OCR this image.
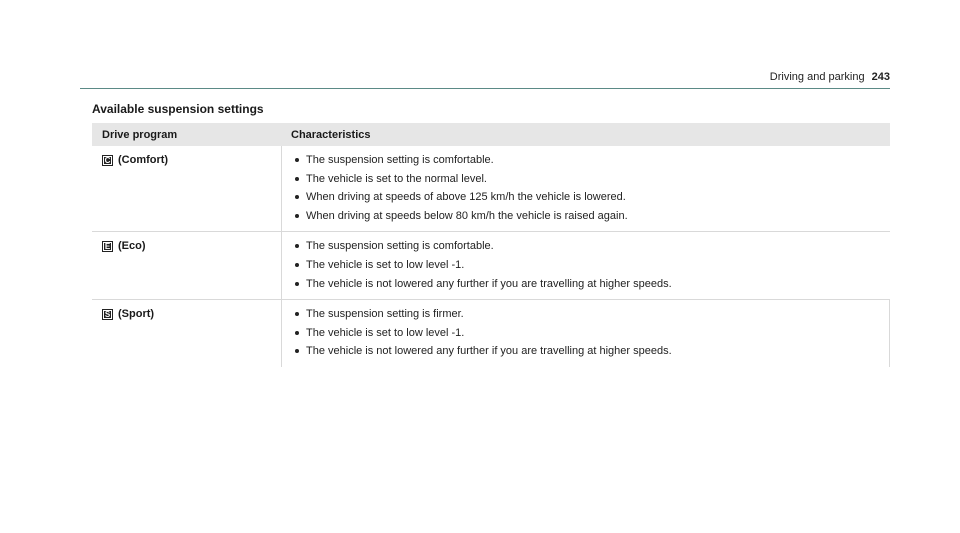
Driving and parking 243
Available suspension settings
Drive program	Characteristics
C (Comfort)	The suspension setting is comfortable.
The vehicle is set to the normal level.
When driving at speeds of above 125 km/h the vehicle is lowered.
When driving at speeds below 80 km/h the vehicle is raised again.
E (Eco)	The suspension setting is comfortable.
The vehicle is set to low level -1.
The vehicle is not lowered any further if you are travelling at higher speeds.
S (Sport)	The suspension setting is firmer.
The vehicle is set to low level -1.
The vehicle is not lowered any further if you are travelling at higher speeds.
